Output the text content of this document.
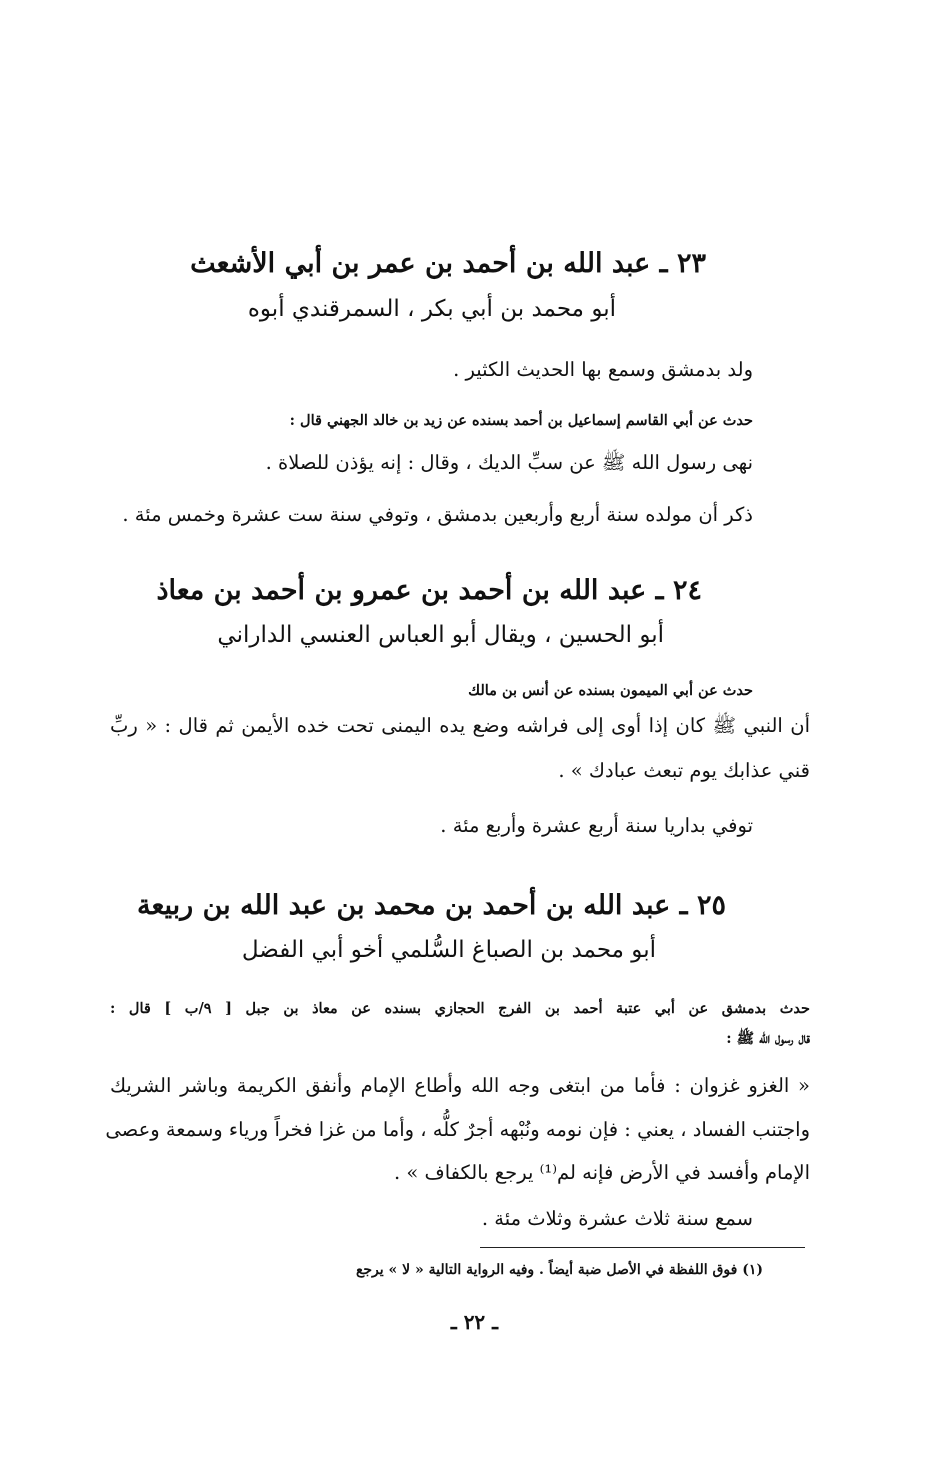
٢٣ ـ عبد الله بن أحمد بن عمر بن أبي الأشعث
أبو محمد بن أبي بكر ، السمرقندي أبوه
ولد بدمشق وسمع بها الحديث الكثير .
حدث عن أبي القاسم إسماعيل بن أحمد بسنده عن زيد بن خالد الجهني قال :
نهى رسول الله ﷺ عن سبِّ الديك ، وقال : إنه يؤذن للصلاة .
ذكر أن مولده سنة أربع وأربعين بدمشق ، وتوفي سنة ست عشرة وخمس مئة .
٢٤ ـ عبد الله بن أحمد بن عمرو بن أحمد بن معاذ
أبو الحسين ، ويقال أبو العباس العنسي الداراني
حدث عن أبي الميمون بسنده عن أنس بن مالك
أن النبي ﷺ كان إذا أوى إلى فراشه وضع يده اليمنى تحت خده الأيمن ثم قال : « ربِّ
قني عذابك يوم تبعث عبادك » .
توفي بداريا سنة أربع عشرة وأربع مئة .
٢٥ ـ عبد الله بن أحمد بن محمد بن عبد الله بن ربيعة
أبو محمد بن الصباغ السُّلمي أخو أبي الفضل
حدث بدمشق عن أبي عتبة أحمد بن الفرج الحجازي بسنده عن معاذ بن جبل [ ٩/ب ] قال :
قال رسول الله ﷺ :
« الغزو غزوان : فأما من ابتغى وجه الله وأطاع الإمام وأنفق الكريمة وباشر الشريك
واجتنب الفساد ، يعني : فإن نومه ونُبْهه أجرٌ كلُّه ، وأما من غزا فخراً ورياء وسمعة وعصى
الإمام وأفسد في الأرض فإنه لم⁽¹⁾ يرجع بالكفاف » .
سمع سنة ثلاث عشرة وثلاث مئة .
(١) فوق اللفظة في الأصل ضبة أيضاً . وفيه الرواية التالية « لا » يرجع
ـ ٢٢ ـ
